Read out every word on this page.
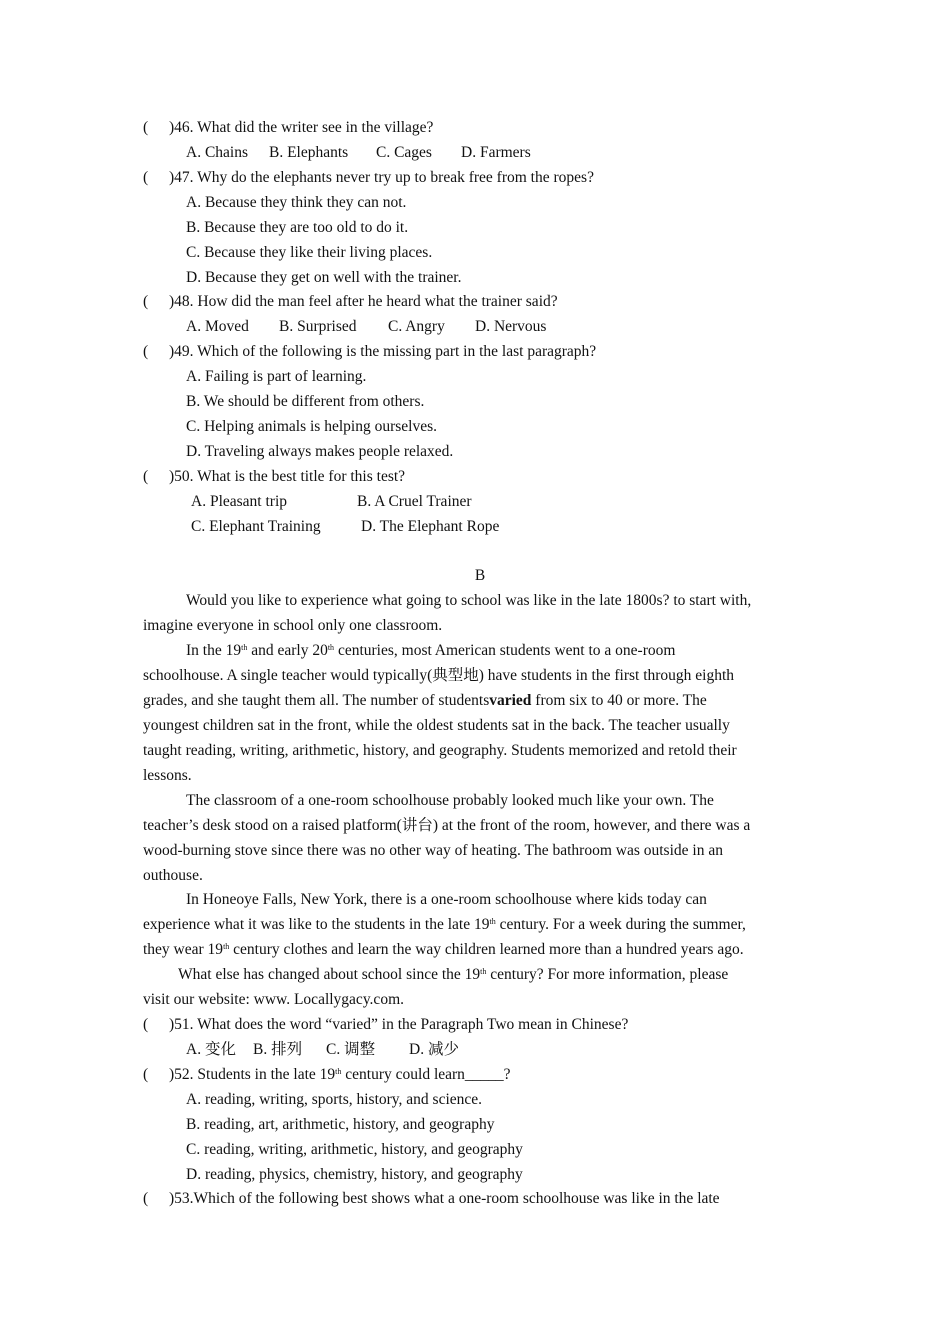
( )46. What did the writer see in the village?
A. Chains B. Elephants C. Cages D. Farmers
( )47. Why do the elephants never try up to break free from the ropes?
A. Because they think they can not.
B. Because they are too old to do it.
C. Because they like their living places.
D. Because they get on well with the trainer.
( )48. How did the man feel after he heard what the trainer said?
A. Moved B. Surprised C. Angry D. Nervous
( )49. Which of the following is the missing part in the last paragraph?
A. Failing is part of learning.
B. We should be different from others.
C. Helping animals is helping ourselves.
D. Traveling always makes people relaxed.
( )50. What is the best title for this test?
A. Pleasant trip	B. A Cruel Trainer
C. Elephant Training	D. The Elephant Rope
B
Would you like to experience what going to school was like in the late 1800s? to start with,
imagine everyone in school only one classroom.
In the 19th and early 20th centuries, most American students went to a one-room
schoolhouse. A single teacher would typically(典型地) have students in the first through eighth
grades, and she taught them all. The number of studentsvaried from six to 40 or more. The
youngest children sat in the front, while the oldest students sat in the back. The teacher usually
taught reading, writing, arithmetic, history, and geography. Students memorized and retold their
lessons.
The classroom of a one-room schoolhouse probably looked much like your own. The
teacher’s desk stood on a raised platform(讲台) at the front of the room, however, and there was a
wood-burning stove since there was no other way of heating. The bathroom was outside in an
outhouse.
In Honeoye Falls, New York, there is a one-room schoolhouse where kids today can
experience what it was like to the students in the late 19th century. For a week during the summer,
they wear 19th century clothes and learn the way children learned more than a hundred years ago.
What else has changed about school since the 19th century? For more information, please
visit our website: www. Locallygacy.com.
( )51. What does the word “varied” in the Paragraph Two mean in Chinese?
A. 变化 B. 排列 C. 调整 D. 减少
( )52. Students in the late 19th century could learn_____?
A. reading, writing, sports, history, and science.
B. reading, art, arithmetic, history, and geography
C. reading, writing, arithmetic, history, and geography
D. reading, physics, chemistry, history, and geography
( )53.Which of the following best shows what a one-room schoolhouse was like in the late
